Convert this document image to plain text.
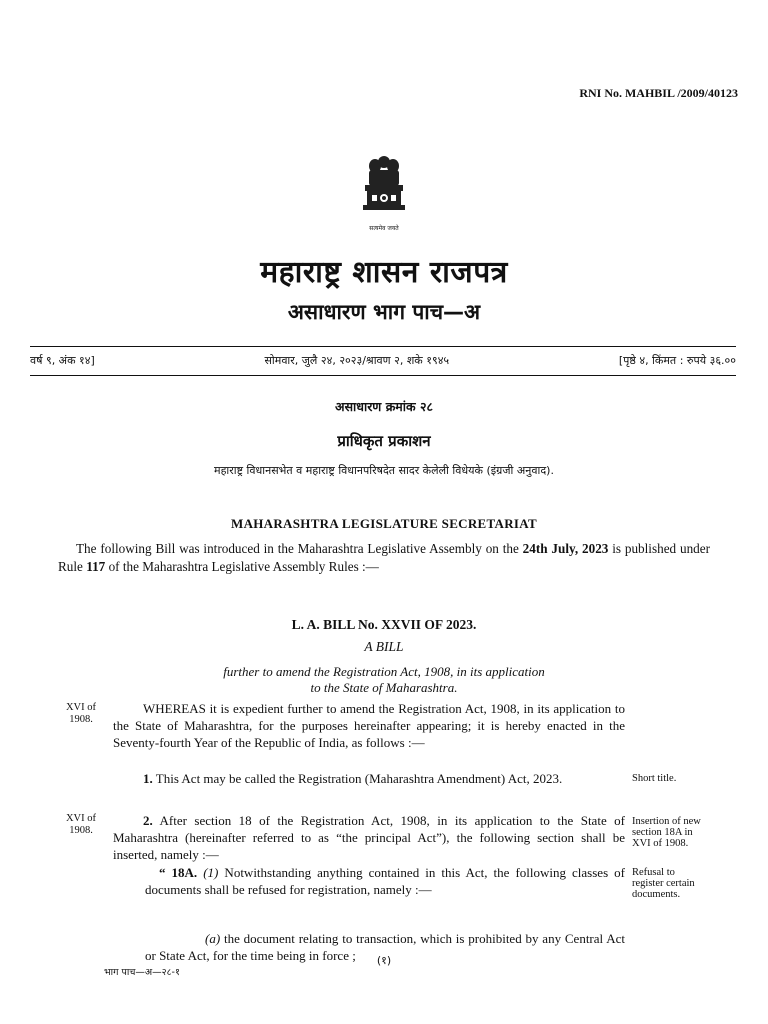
RNI No. MAHBIL /2009/40123
सत्यमेव जयते
महाराष्ट्र शासन राजपत्र
असाधारण भाग पाच—अ
वर्ष ९, अंक १४]	सोमवार, जुलै २४, २०२३/श्रावण २, शके १९४५	[पृष्ठे ४, किंमत : रुपये ३६.००
असाधारण क्रमांक २८
प्राधिकृत प्रकाशन
महाराष्ट्र विधानसभेत व महाराष्ट्र विधानपरिषदेत सादर केलेली विधेयके (इंग्रजी अनुवाद).
MAHARASHTRA LEGISLATURE SECRETARIAT

The following Bill was introduced in the Maharashtra Legislative Assembly on the 24th July, 2023 is published under Rule 117 of the Maharashtra Legislative Assembly Rules :—

L. A. BILL No. XXVII OF 2023.
A BILL
further to amend the Registration Act, 1908, in its application
to the State of Maharashtra.
XVI of 1908.

WHEREAS it is expedient further to amend the Registration Act, 1908, in its application to the State of Maharashtra, for the purposes hereinafter appearing; it is hereby enacted in the Seventy-fourth Year of the Republic of India, as follows :—

1. This Act may be called the Registration (Maharashtra Amendment) Act, 2023.	Short title.
XVI of 1908.

2. After section 18 of the Registration Act, 1908, in its application to the State of Maharashtra (hereinafter referred to as “the principal Act”), the following section shall be inserted, namely :—

Insertion of new section 18A in XVI of 1908.

“ 18A. (1) Notwithstanding anything contained in this Act, the following classes of documents shall be refused for registration, namely :—

Refusal to register certain documents.

(a) the document relating to transaction, which is prohibited by any Central Act or State Act, for the time being in force ;	(१)
भाग पाच—अ—२८-१
